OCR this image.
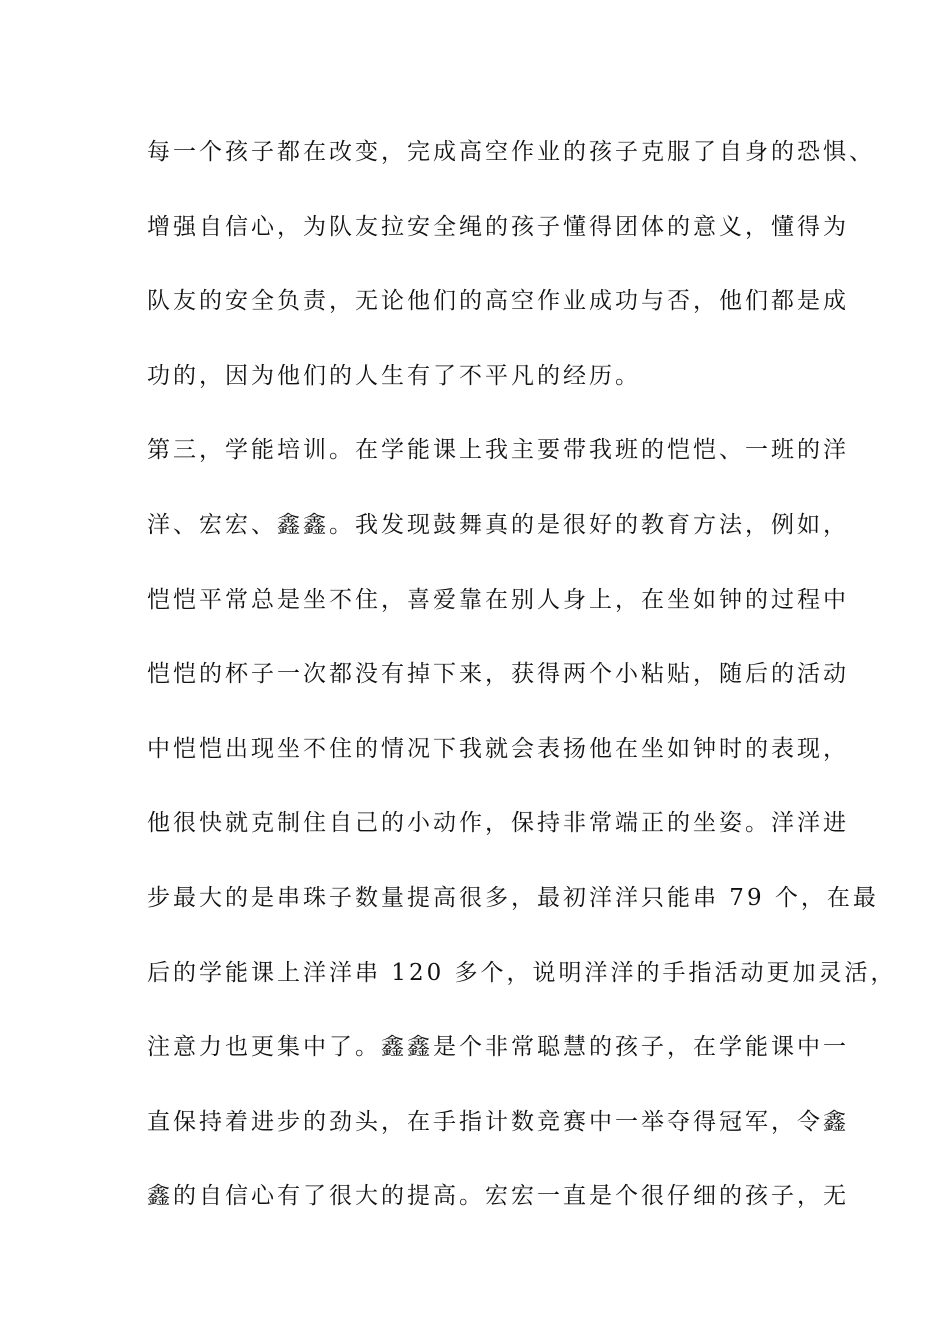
每一个孩子都在改变，完成高空作业的孩子克服了自身的恐惧、
增强自信心，为队友拉安全绳的孩子懂得团体的意义，懂得为
队友的安全负责，无论他们的高空作业成功与否，他们都是成
功的，因为他们的人生有了不平凡的经历。
第三，学能培训。在学能课上我主要带我班的恺恺、一班的洋
洋、宏宏、鑫鑫。我发现鼓舞真的是很好的教育方法，例如，
恺恺平常总是坐不住，喜爱靠在别人身上，在坐如钟的过程中
恺恺的杯子一次都没有掉下来，获得两个小粘贴，随后的活动
中恺恺出现坐不住的情况下我就会表扬他在坐如钟时的表现，
他很快就克制住自己的小动作，保持非常端正的坐姿。洋洋进
步最大的是串珠子数量提高很多，最初洋洋只能串 79 个，在最
后的学能课上洋洋串 120 多个，说明洋洋的手指活动更加灵活，
注意力也更集中了。鑫鑫是个非常聪慧的孩子，在学能课中一
直保持着进步的劲头，在手指计数竞赛中一举夺得冠军，令鑫
鑫的自信心有了很大的提高。宏宏一直是个很仔细的孩子，无
